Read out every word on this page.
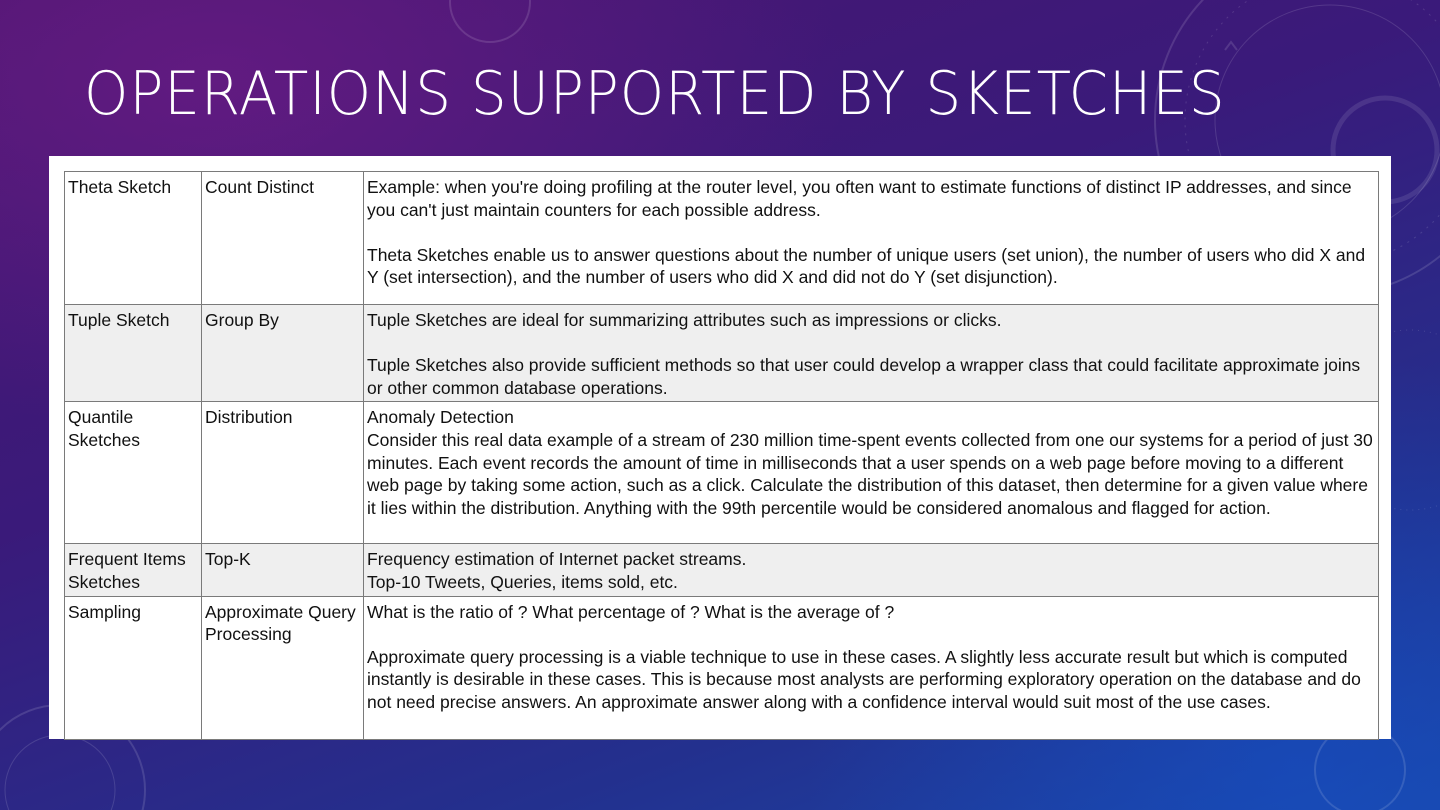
OPERATIONS SUPPORTED BY SKETCHES
Theta Sketch	Count Distinct	Example: when you're doing profiling at the router level, you often want to estimate functions of distinct IP addresses, and since you can't just maintain counters for each possible address.

Theta Sketches enable us to answer questions about the number of unique users (set union), the number of users who did X and Y (set intersection), and the number of users who did X and did not do Y (set disjunction).

Tuple Sketch	Group By	Tuple Sketches are ideal for summarizing attributes such as impressions or clicks.

Tuple Sketches also provide sufficient methods so that user could develop a wrapper class that could facilitate approximate joins or other common database operations.

Quantile Sketches	Distribution	Anomaly Detection

Consider this real data example of a stream of 230 million time-spent events collected from one our systems for a period of just 30 minutes. Each event records the amount of time in milliseconds that a user spends on a web page before moving to a different web page by taking some action, such as a click. Calculate the distribution of this dataset, then determine for a given value where it lies within the distribution. Anything with the 99th percentile would be considered anomalous and flagged for action.

Frequent Items Sketches	Top-K	Frequency estimation of Internet packet streams.

Top-10 Tweets, Queries, items sold, etc.

Sampling	Approximate Query Processing	What is the ratio of ? What percentage of ? What is the average of ?

Approximate query processing is a viable technique to use in these cases. A slightly less accurate result but which is computed instantly is desirable in these cases. This is because most analysts are performing exploratory operation on the database and do not need precise answers. An approximate answer along with a confidence interval would suit most of the use cases.
